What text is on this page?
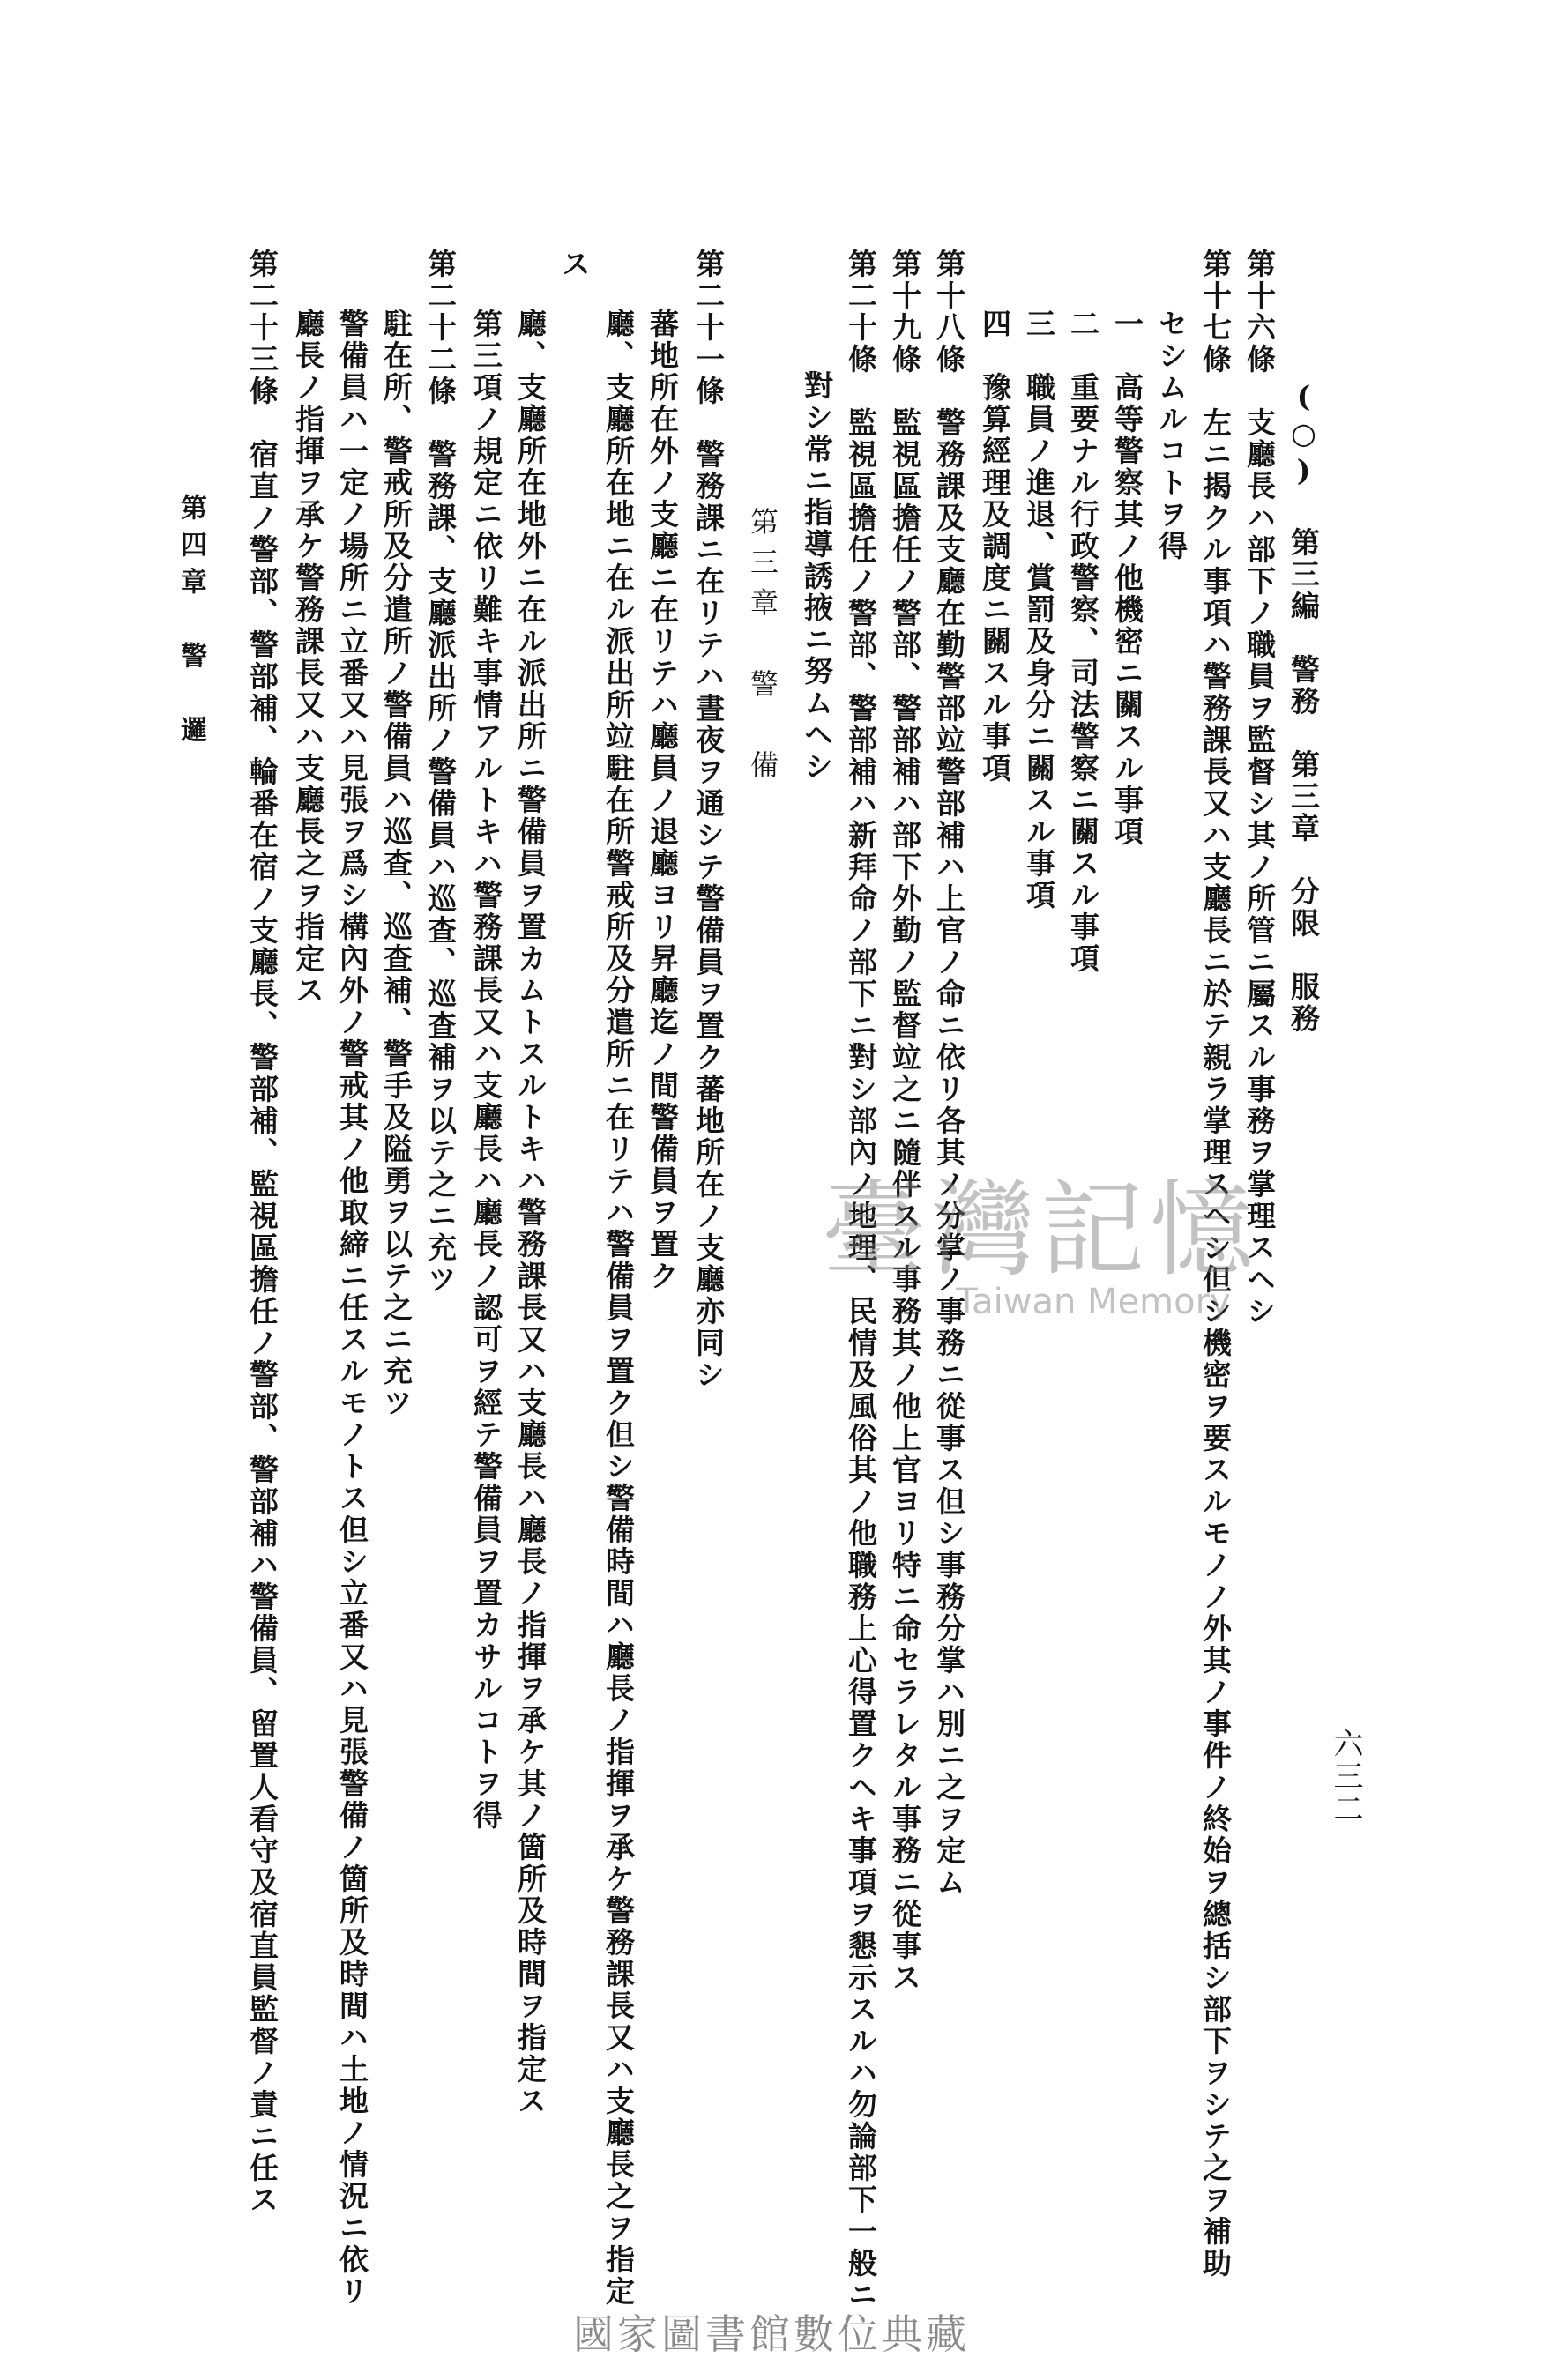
(○) 第三編　警務　第三章　分限　服務
六三二
第十六條　支廳長ハ部下ノ職員ヲ監督シ其ノ所管ニ屬スル事務ヲ掌理スヘシ
第十七條　左ニ揭クル事項ハ警務課長又ハ支廳長ニ於テ親ラ掌理スヘシ但シ機密ヲ要スルモノノ外其ノ事件ノ終始ヲ總括シ部下ヲシテ之ヲ補助
セシムルコトヲ得
一　高等警察其ノ他機密ニ關スル事項
二　重要ナル行政警察、司法警察ニ關スル事項
三　職員ノ進退、賞罰及身分ニ關スル事項
四　豫算經理及調度ニ關スル事項
第十八條　警務課及支廳在勤警部竝警部補ハ上官ノ命ニ依リ各其ノ分掌ノ事務ニ從事ス但シ事務分掌ハ別ニ之ヲ定ム
第十九條　監視區擔任ノ警部、警部補ハ部下外勤ノ監督竝之ニ隨伴スル事務其ノ他上官ヨリ特ニ命セラレタル事務ニ從事ス
第二十條　監視區擔任ノ警部、警部補ハ新拜命ノ部下ニ對シ部內ノ地理、民情及風俗其ノ他職務上心得置クヘキ事項ヲ懇示スルハ勿論部下一般ニ
對シ常ニ指導誘掖ニ努ムヘシ
第三章　警　備
第二十一條　警務課ニ在リテハ晝夜ヲ通シテ警備員ヲ置ク蕃地所在ノ支廳亦同シ
蕃地所在外ノ支廳ニ在リテハ廳員ノ退廳ヨリ昇廳迄ノ間警備員ヲ置ク
廳、支廳所在地ニ在ル派出所竝駐在所警戒所及分遣所ニ在リテハ警備員ヲ置ク但シ警備時間ハ廳長ノ指揮ヲ承ケ警務課長又ハ支廳長之ヲ指定
ス
廳、支廳所在地外ニ在ル派出所ニ警備員ヲ置カムトスルトキハ警務課長又ハ支廳長ハ廳長ノ指揮ヲ承ケ其ノ箇所及時間ヲ指定ス
第三項ノ規定ニ依リ難キ事情アルトキハ警務課長又ハ支廳長ハ廳長ノ認可ヲ經テ警備員ヲ置カサルコトヲ得
第二十二條　警務課、支廳派出所ノ警備員ハ巡查、巡查補ヲ以テ之ニ充ツ
駐在所、警戒所及分遣所ノ警備員ハ巡查、巡查補、警手及隘勇ヲ以テ之ニ充ツ
警備員ハ一定ノ場所ニ立番又ハ見張ヲ爲シ構內外ノ警戒其ノ他取締ニ任スルモノトス但シ立番又ハ見張警備ノ箇所及時間ハ土地ノ情況ニ依リ
廳長ノ指揮ヲ承ケ警務課長又ハ支廳長之ヲ指定ス
第二十三條　宿直ノ警部、警部補、輪番在宿ノ支廳長、警部補、監視區擔任ノ警部、警部補ハ警備員、留置人看守及宿直員監督ノ責ニ任ス
第四章　警　邏
臺灣記憶
Taiwan Memory
國家圖書館數位典藏
